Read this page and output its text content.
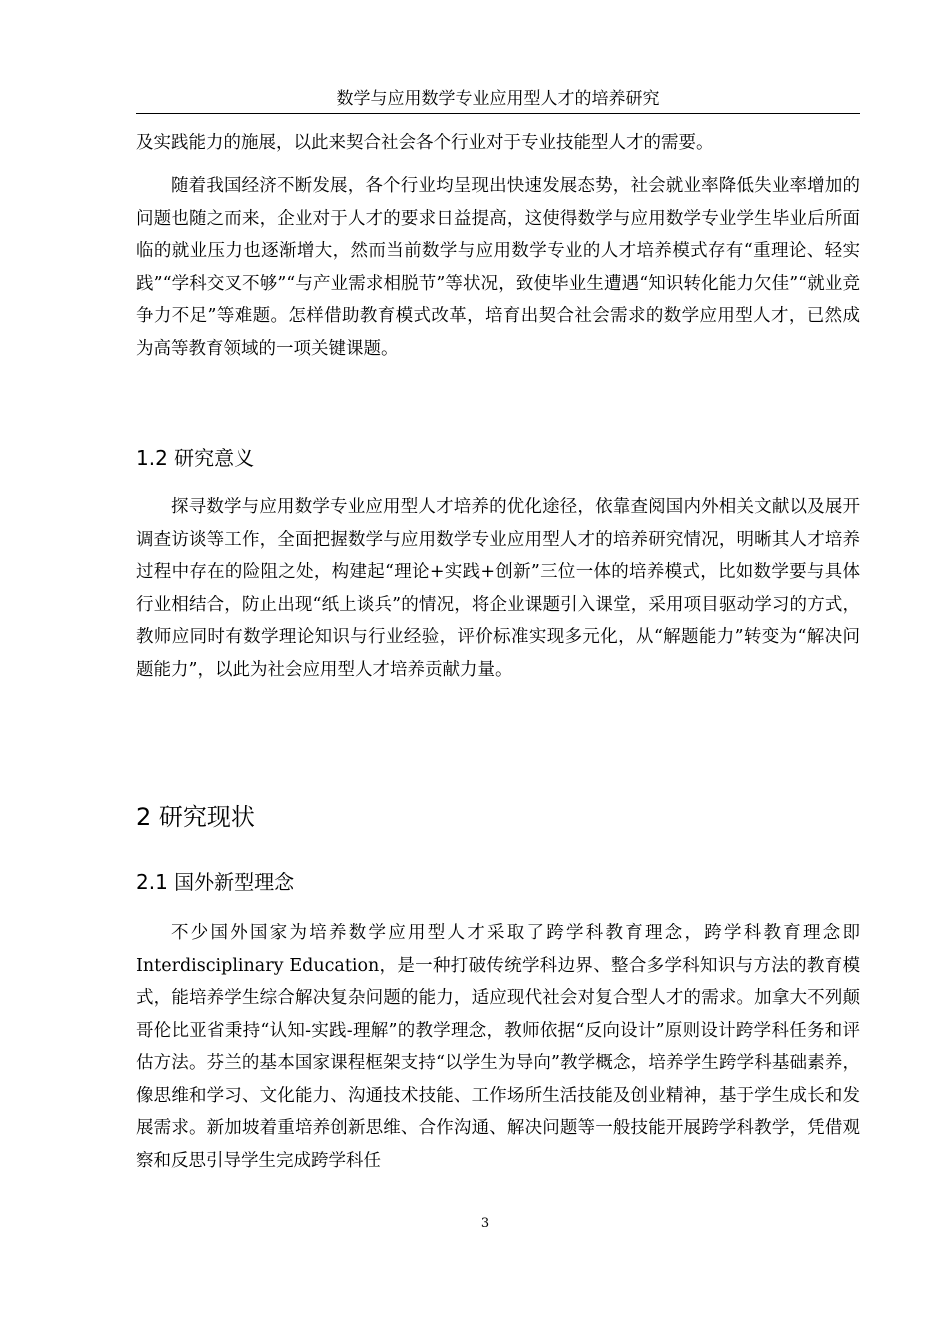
数学与应用数学专业应用型人才的培养研究

及实践能力的施展，以此来契合社会各个行业对于专业技能型人才的需要。

随着我国经济不断发展，各个行业均呈现出快速发展态势，社会就业率降低失业率增加的问题也随之而来，企业对于人才的要求日益提高，这使得数学与应用数学专业学生毕业后所面临的就业压力也逐渐增大，然而当前数学与应用数学专业的人才培养模式存有“重理论、轻实践”“学科交叉不够”“与产业需求相脱节”等状况，致使毕业生遭遇“知识转化能力欠佳”“就业竞争力不足”等难题。怎样借助教育模式改革，培育出契合社会需求的数学应用型人才，已然成为高等教育领域的一项关键课题。

1.2 研究意义

探寻数学与应用数学专业应用型人才培养的优化途径，依靠查阅国内外相关文献以及展开调查访谈等工作，全面把握数学与应用数学专业应用型人才的培养研究情况，明晰其人才培养过程中存在的险阻之处，构建起“理论+实践+创新”三位一体的培养模式，比如数学要与具体行业相结合，防止出现“纸上谈兵”的情况，将企业课题引入课堂，采用项目驱动学习的方式，教师应同时有数学理论知识与行业经验，评价标准实现多元化，从“解题能力”转变为“解决问题能力”，以此为社会应用型人才培养贡献力量。

2 研究现状
2.1 国外新型理念

不少国外国家为培养数学应用型人才采取了跨学科教育理念，跨学科教育理念即Interdisciplinary Education，是一种打破传统学科边界、整合多学科知识与方法的教育模式，能培养学生综合解决复杂问题的能力，适应现代社会对复合型人才的需求。加拿大不列颠哥伦比亚省秉持“认知-实践-理解”的教学理念，教师依据“反向设计”原则设计跨学科任务和评估方法。芬兰的基本国家课程框架支持“以学生为导向”教学概念，培养学生跨学科基础素养，像思维和学习、文化能力、沟通技术技能、工作场所生活技能及创业精神，基于学生成长和发展需求。新加坡着重培养创新思维、合作沟通、解决问题等一般技能开展跨学科教学，凭借观察和反思引导学生完成跨学科任

3
